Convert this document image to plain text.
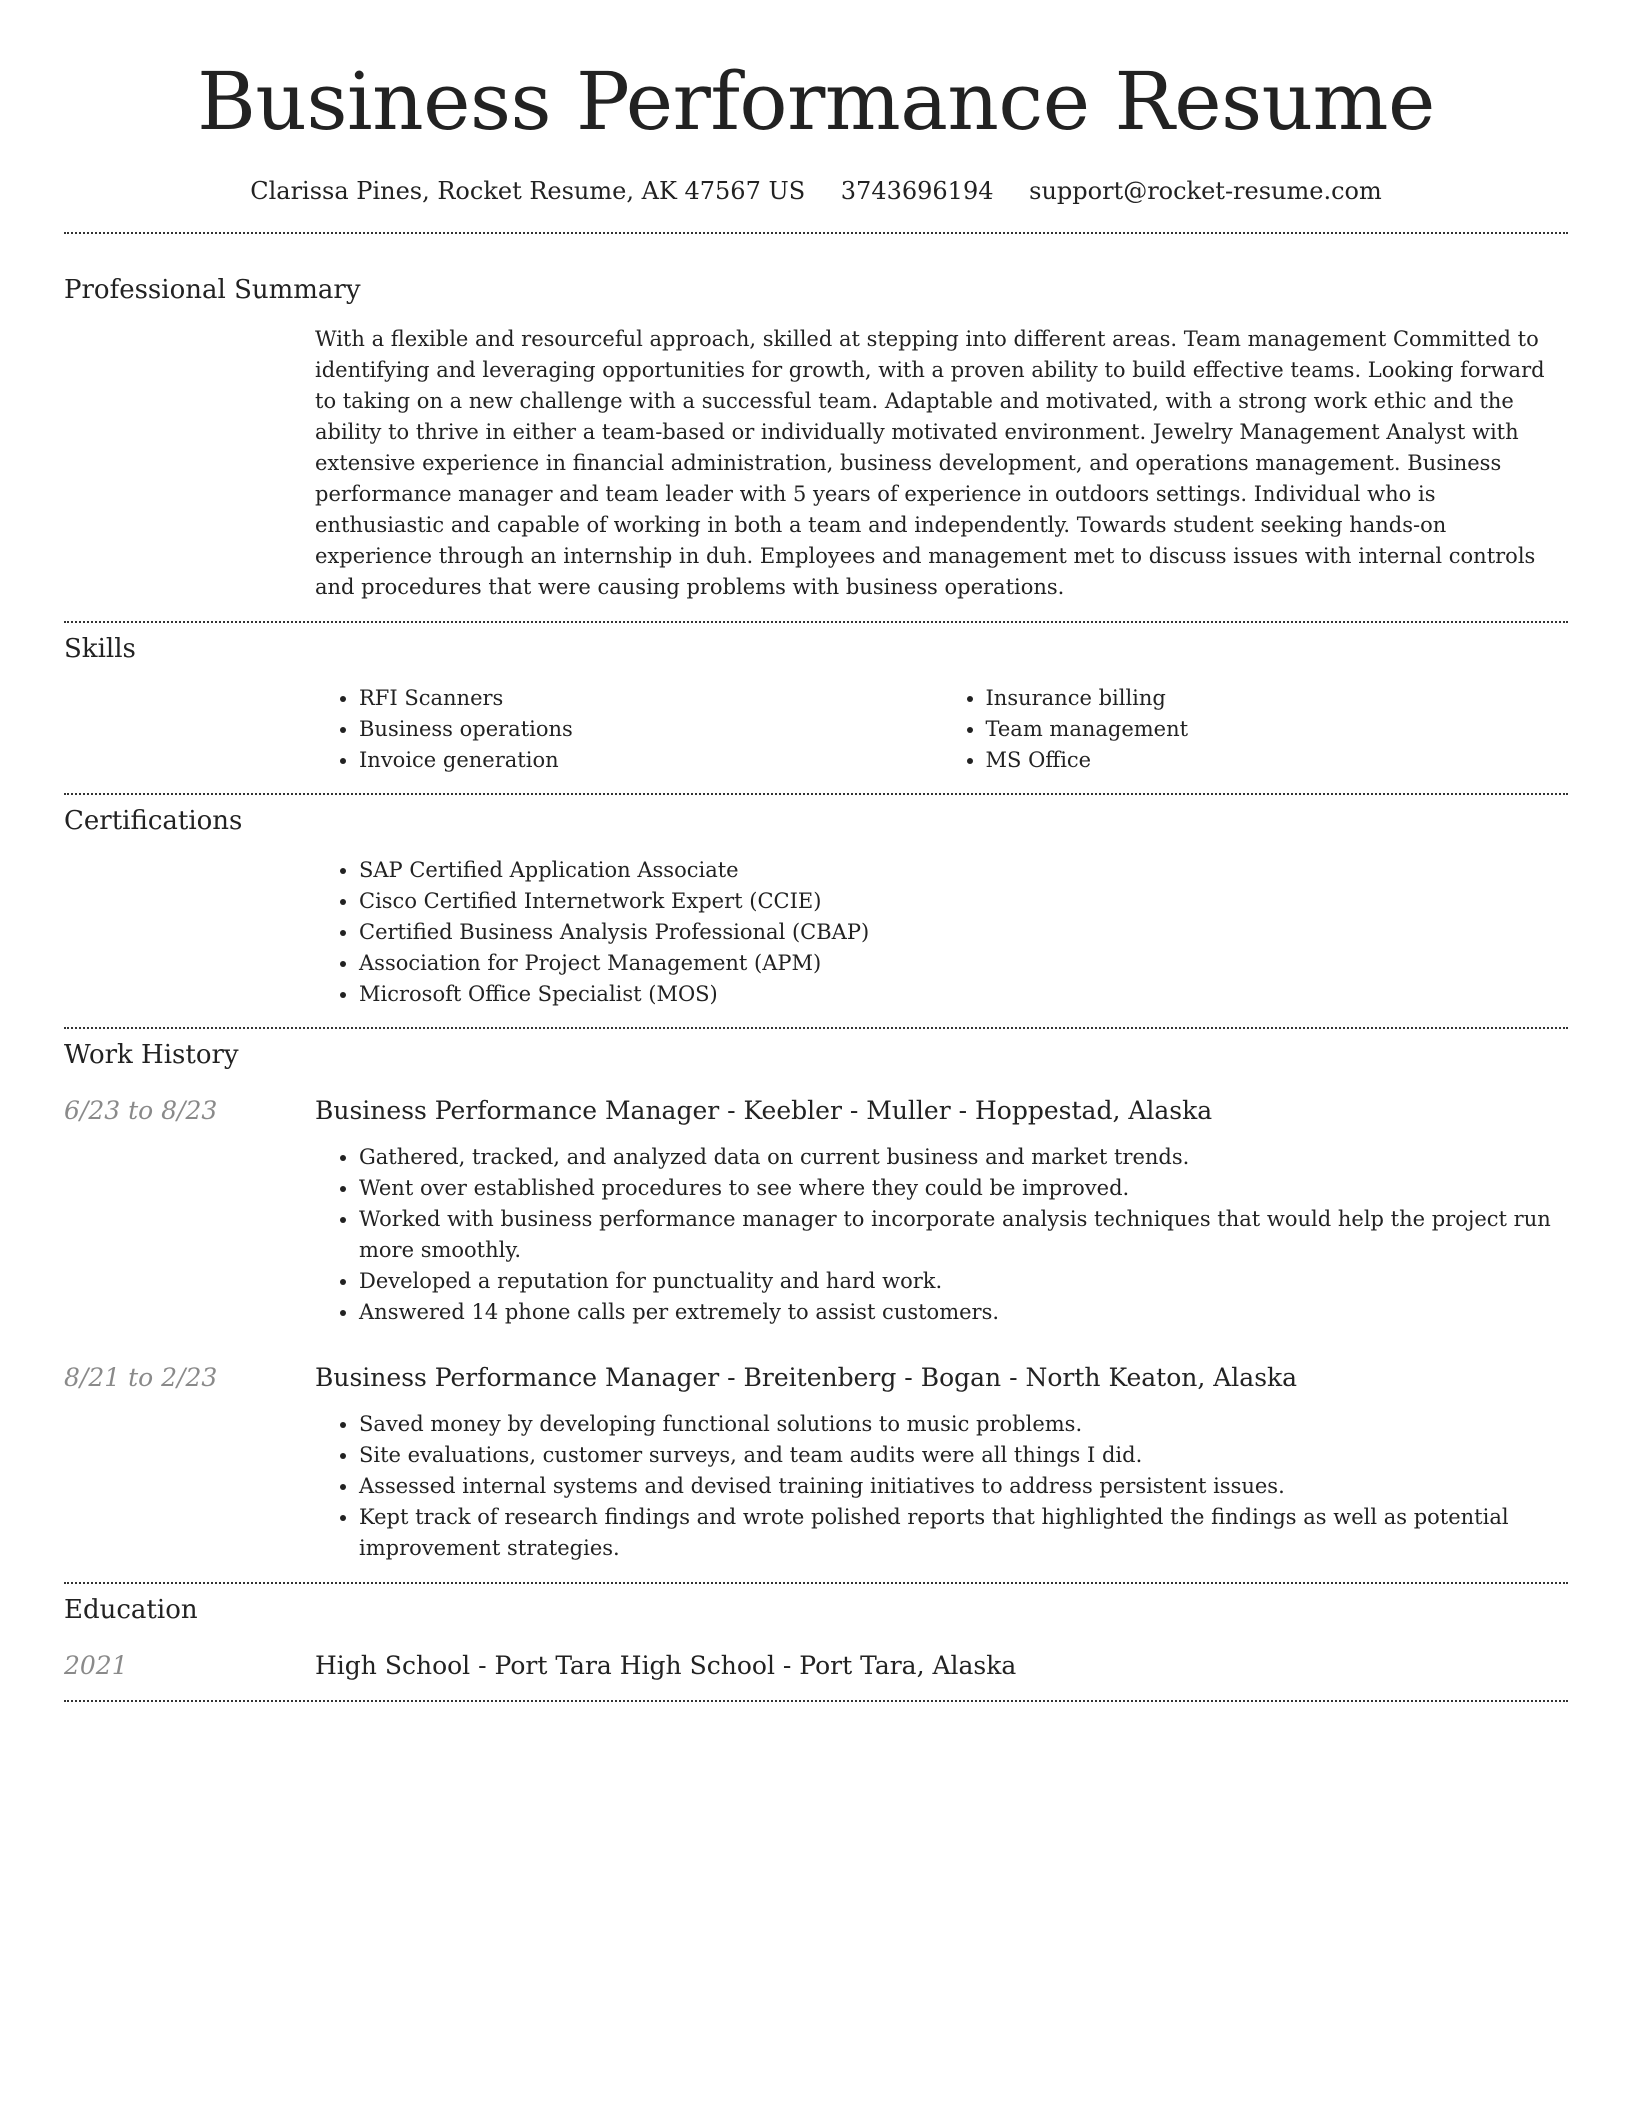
Business Performance Resume
Clarissa Pines, Rocket Resume, AK 47567 US 3743696194 support@rocket-resume.com
Professional Summary
With a flexible and resourceful approach, skilled at stepping into different areas. Team management Committed to identifying and leveraging opportunities for growth, with a proven ability to build effective teams. Looking forward to taking on a new challenge with a successful team. Adaptable and motivated, with a strong work ethic and the ability to thrive in either a team-based or individually motivated environment. Jewelry Management Analyst with extensive experience in financial administration, business development, and operations management. Business performance manager and team leader with 5 years of experience in outdoors settings. Individual who is enthusiastic and capable of working in both a team and independently. Towards student seeking hands-on experience through an internship in duh. Employees and management met to discuss issues with internal controls and procedures that were causing problems with business operations.
Skills
• RFI Scanners
• Business operations
• Invoice generation
• Insurance billing
• Team management
• MS Office
Certifications
• SAP Certified Application Associate
• Cisco Certified Internetwork Expert (CCIE)
• Certified Business Analysis Professional (CBAP)
• Association for Project Management (APM)
• Microsoft Office Specialist (MOS)
Work History
6/23 to 8/23	Business Performance Manager - Keebler - Muller - Hoppestad, Alaska
• Gathered, tracked, and analyzed data on current business and market trends.
• Went over established procedures to see where they could be improved.
• Worked with business performance manager to incorporate analysis techniques that would help the project run more smoothly.
• Developed a reputation for punctuality and hard work.
• Answered 14 phone calls per extremely to assist customers.
8/21 to 2/23	Business Performance Manager - Breitenberg - Bogan - North Keaton, Alaska
• Saved money by developing functional solutions to music problems.
• Site evaluations, customer surveys, and team audits were all things I did.
• Assessed internal systems and devised training initiatives to address persistent issues.
• Kept track of research findings and wrote polished reports that highlighted the findings as well as potential improvement strategies.
Education
2021	High School - Port Tara High School - Port Tara, Alaska
